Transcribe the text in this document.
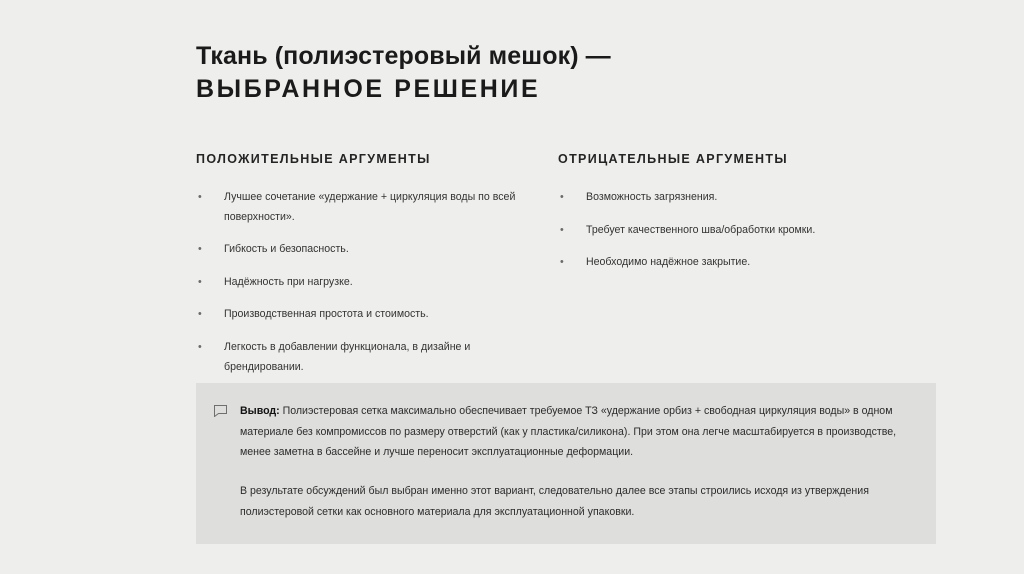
Ткань (полиэстеровый мешок) —
ВЫБРАННОЕ РЕШЕНИЕ
ПОЛОЖИТЕЛЬНЫЕ АРГУМЕНТЫ
• Лучшее сочетание «удержание + циркуляция воды по всей поверхности».
• Гибкость и безопасность.
• Надёжность при нагрузке.
• Производственная простота и стоимость.
• Легкость в добавлении функционала, в дизайне и брендировании.
ОТРИЦАТЕЛЬНЫЕ АРГУМЕНТЫ
• Возможность загрязнения.
• Требует качественного шва/обработки кромки.
• Необходимо надёжное закрытие.

Вывод: Полиэстеровая сетка максимально обеспечивает требуемое ТЗ «удержание орбиз + свободная циркуляция воды» в одном материале без компромиссов по размеру отверстий (как у пластика/силикона). При этом она легче масштабируется в производстве, менее заметна в бассейне и лучше переносит эксплуатационные деформации.

В результате обсуждений был выбран именно этот вариант, следовательно далее все этапы строились исходя из утверждения полиэстеровой сетки как основного материала для эксплуатационной упаковки.
